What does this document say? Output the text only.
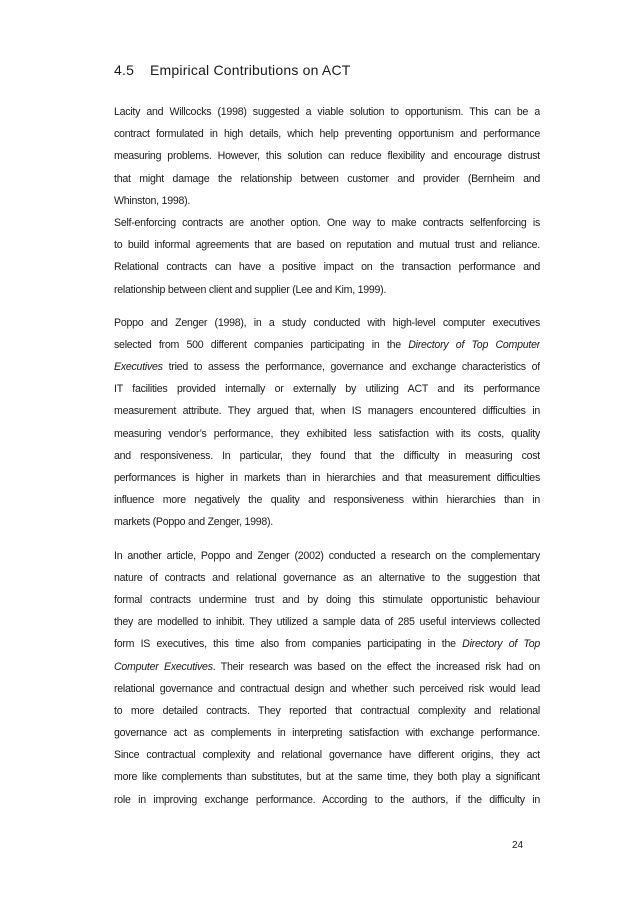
4.5 Empirical Contributions on ACT
Lacity and Willcocks (1998) suggested a viable solution to opportunism. This can be a
contract formulated in high details, which help preventing opportunism and performance
measuring problems. However, this solution can reduce flexibility and encourage distrust
that might damage the relationship between customer and provider (Bernheim and
Whinston, 1998).
Self-enforcing contracts are another option. One way to make contracts selfenforcing is
to build informal agreements that are based on reputation and mutual trust and reliance.
Relational contracts can have a positive impact on the transaction performance and
relationship between client and supplier (Lee and Kim, 1999).
Poppo and Zenger (1998), in a study conducted with high-level computer executives
selected from 500 different companies participating in the Directory of Top Computer
Executives tried to assess the performance, governance and exchange characteristics of
IT facilities provided internally or externally by utilizing ACT and its performance
measurement attribute. They argued that, when IS managers encountered difficulties in
measuring vendor’s performance, they exhibited less satisfaction with its costs, quality
and responsiveness. In particular, they found that the difficulty in measuring cost
performances is higher in markets than in hierarchies and that measurement difficulties
influence more negatively the quality and responsiveness within hierarchies than in
markets (Poppo and Zenger, 1998).
In another article, Poppo and Zenger (2002) conducted a research on the complementary
nature of contracts and relational governance as an alternative to the suggestion that
formal contracts undermine trust and by doing this stimulate opportunistic behaviour
they are modelled to inhibit. They utilized a sample data of 285 useful interviews collected
form IS executives, this time also from companies participating in the Directory of Top
Computer Executives. Their research was based on the effect the increased risk had on
relational governance and contractual design and whether such perceived risk would lead
to more detailed contracts. They reported that contractual complexity and relational
governance act as complements in interpreting satisfaction with exchange performance.
Since contractual complexity and relational governance have different origins, they act
more like complements than substitutes, but at the same time, they both play a significant
role in improving exchange performance. According to the authors, if the difficulty in
24
